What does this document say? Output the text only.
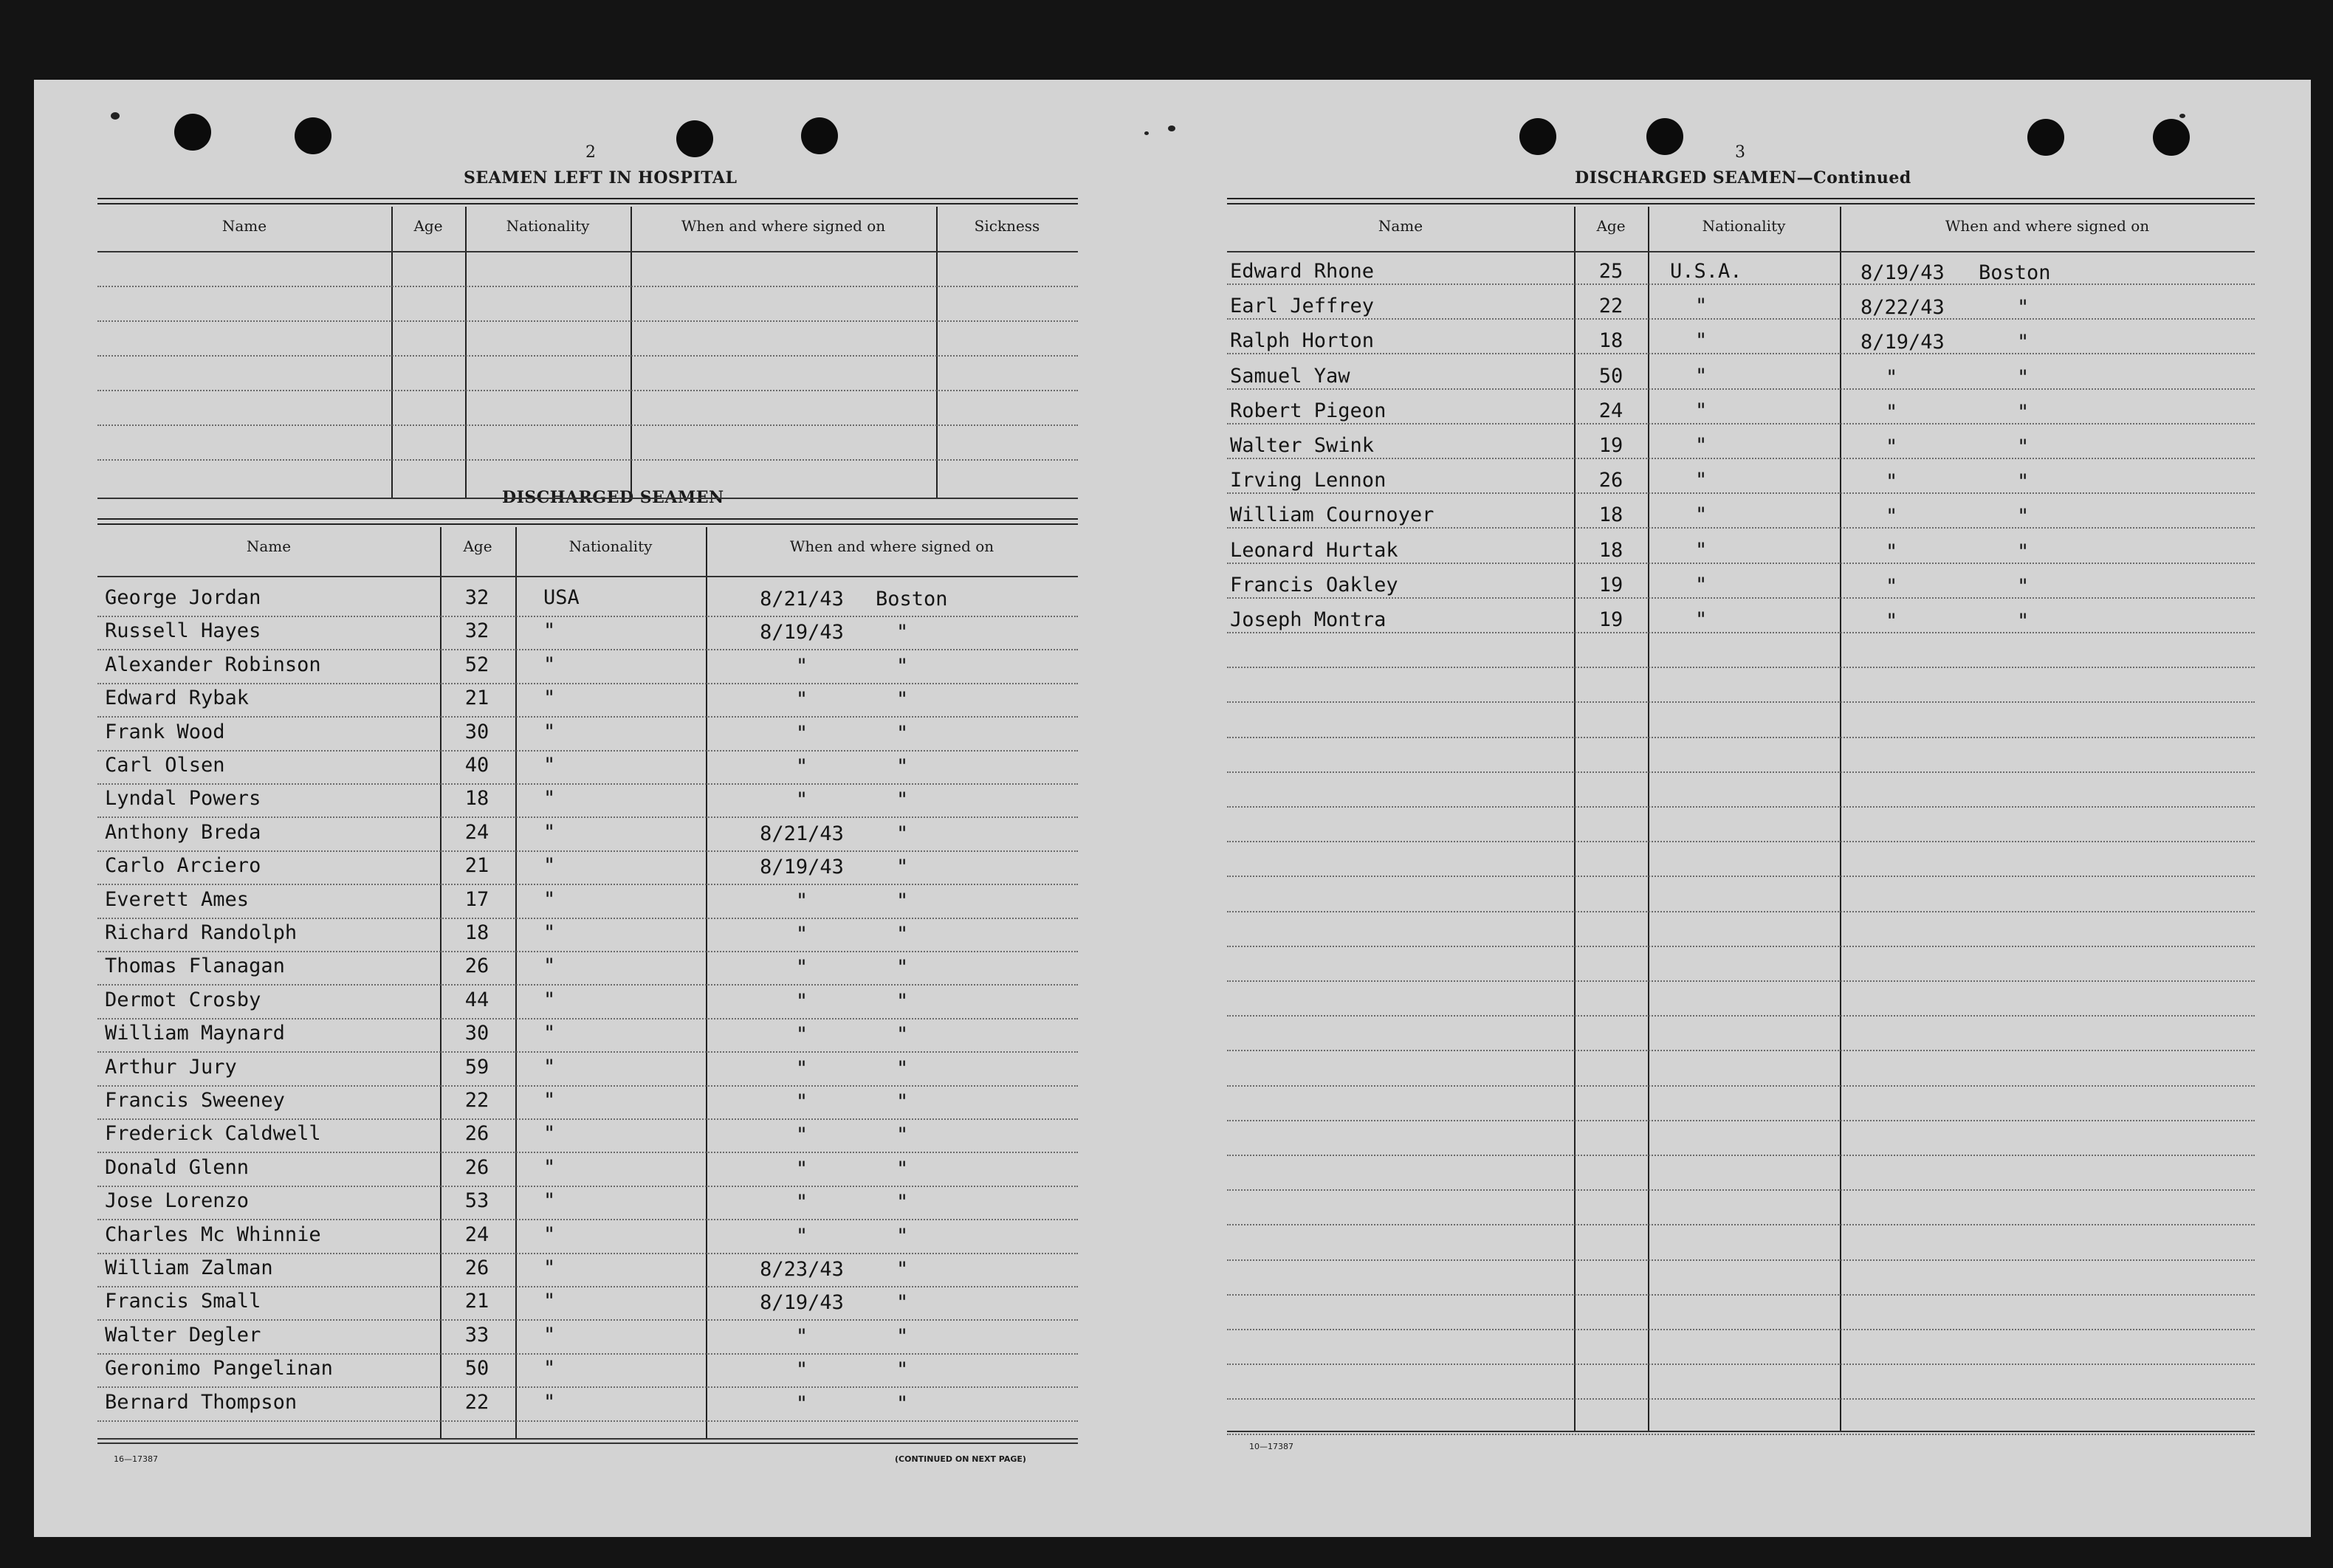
2
SEAMEN LEFT IN HOSPITAL
DISCHARGED SEAMEN
16—17387	(CONTINUED ON NEXT PAGE)
3
DISCHARGED SEAMEN—Continued
10—17387
Name	Age	Nationality	When and where signed on	Sickness
Name	Age	Nationality	When and where signed on
George Jordan	32	USA	8/21/43	Boston
Russell Hayes	32	"	8/19/43	"
Alexander Robinson	52	"	"	"
Edward Rybak	21	"	"	"
Frank Wood	30	"	"	"
Carl Olsen	40	"	"	"
Lyndal Powers	18	"	"	"
Anthony Breda	24	"	8/21/43	"
Carlo Arciero	21	"	8/19/43	"
Everett Ames	17	"	"	"
Richard Randolph	18	"	"	"
Thomas Flanagan	26	"	"	"
Dermot Crosby	44	"	"	"
William Maynard	30	"	"	"
Arthur Jury	59	"	"	"
Francis Sweeney	22	"	"	"
Frederick Caldwell	26	"	"	"
Donald Glenn	26	"	"	"
Jose Lorenzo	53	"	"	"
Charles Mc Whinnie	24	"	"	"
William Zalman	26	"	8/23/43	"
Francis Small	21	"	8/19/43	"
Walter Degler	33	"	"	"
Geronimo Pangelinan	50	"	"	"
Bernard Thompson	22	"	"	"
Name	Age	Nationality	When and where signed on
Edward Rhone	25	U.S.A.	8/19/43 Boston
Earl Jeffrey	22	"	8/22/43	"
Ralph Horton	18	"	8/19/43	"
Samuel Yaw	50	"	"	"
Robert Pigeon	24	"	"	"
Walter Swink	19	"	"	"
Irving Lennon	26	"	"	"
William Cournoyer	18	"	"	"
Leonard Hurtak	18	"	"	"
Francis Oakley	19	"	"	"
Joseph Montra	19	"	"	"
